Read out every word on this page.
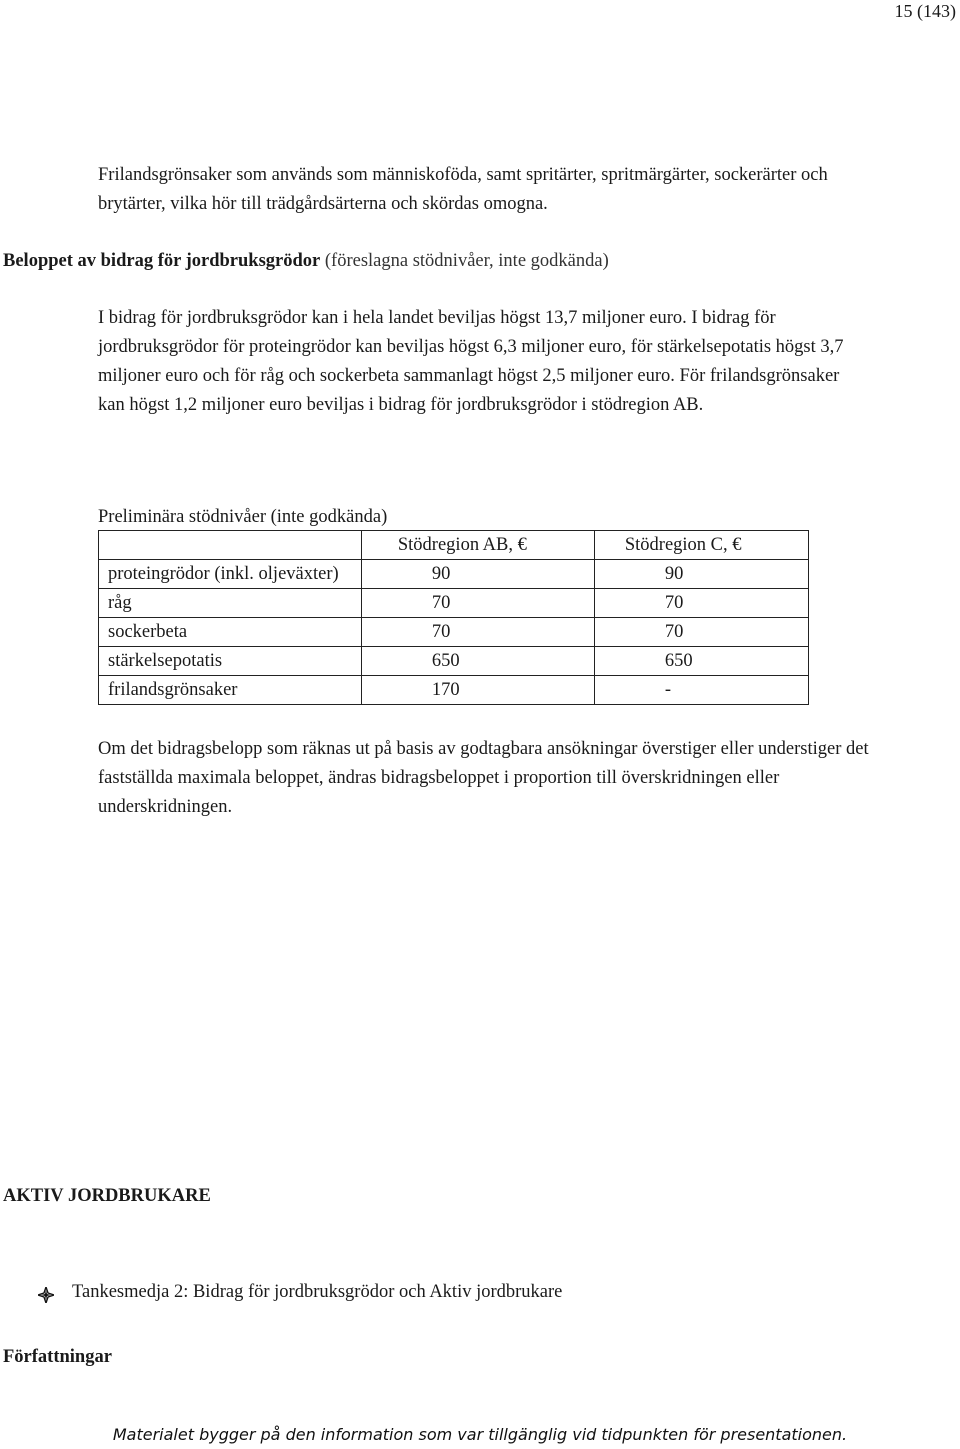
15 (143)
Frilandsgrönsaker som används som människoföda, samt spritärter, spritmärgärter, sockerärter och brytärter, vilka hör till trädgårdsärterna och skördas omogna.
Beloppet av bidrag för jordbruksgrödor (föreslagna stödnivåer, inte godkända)
I bidrag för jordbruksgrödor kan i hela landet beviljas högst 13,7 miljoner euro. I bidrag för jordbruksgrödor för proteingrödor kan beviljas högst 6,3 miljoner euro, för stärkelsepotatis högst 3,7 miljoner euro och för råg och sockerbeta sammanlagt högst 2,5 miljoner euro. För frilandsgrönsaker kan högst 1,2 miljoner euro beviljas i bidrag för jordbruksgrödor i stödregion AB.
Preliminära stödnivåer (inte godkända)
	Stödregion AB, €	Stödregion C, €
proteingrödor (inkl. oljeväxter)	90	90
råg	70	70
sockerbeta	70	70
stärkelsepotatis	650	650
frilandsgrönsaker	170	-
Om det bidragsbelopp som räknas ut på basis av godtagbara ansökningar överstiger eller understiger det fastställda maximala beloppet, ändras bidragsbeloppet i proportion till överskridningen eller underskridningen.
AKTIV JORDBRUKARE
Tankesmedja 2: Bidrag för jordbruksgrödor och Aktiv jordbrukare
Författningar
Materialet bygger på den information som var tillgänglig vid tidpunkten för presentationen.
